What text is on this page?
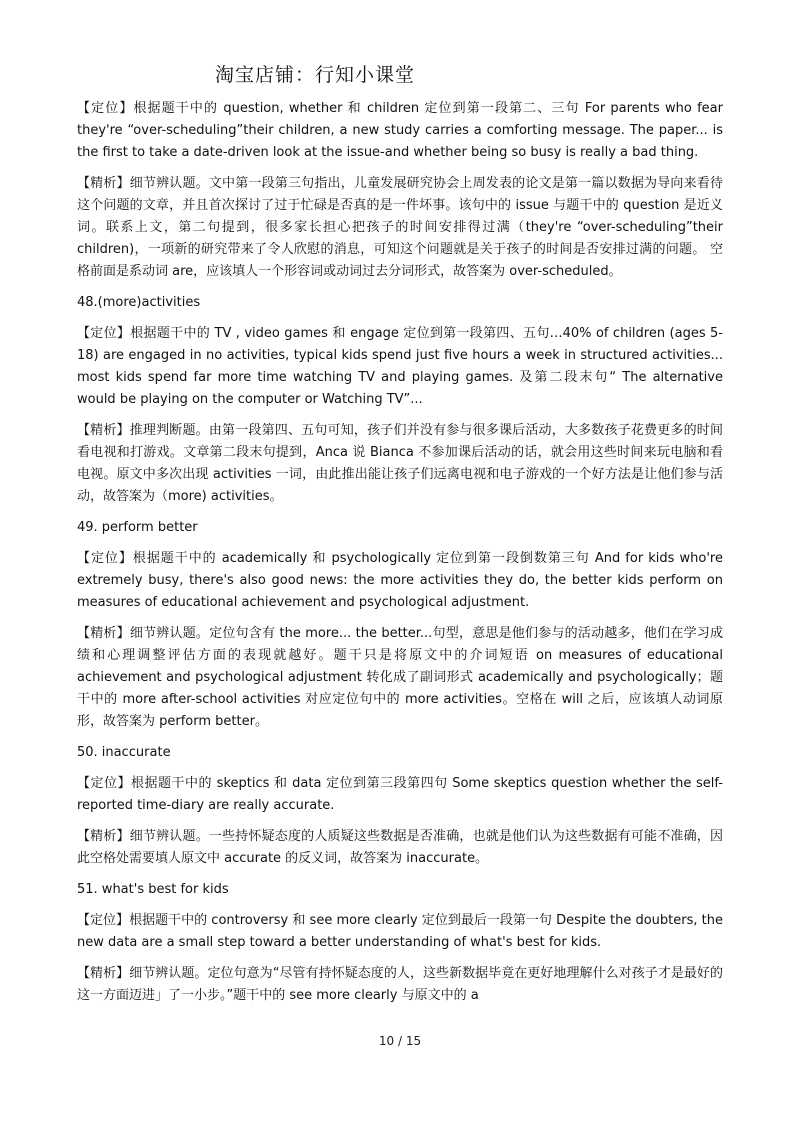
淘宝店铺：行知小课堂

【定位】根据题干中的 question, whether 和 children 定位到第一段第二、三句 For parents who fear they're “over-scheduling”their children, a new study carries a comforting message. The paper... is the first to take a date-driven look at the issue-and whether being so busy is really a bad thing.

【精析】细节辨认题。文中第一段第三句指出，儿童发展研究协会上周发表的论文是第一篇以数据为导向来看待这个问题的文章，并且首次探讨了过于忙碌是否真的是一件坏事。该句中的 issue 与题干中的 question 是近义词。联系上文，第二句提到，很多家长担心把孩子的时间安排得过满（they're “over-scheduling”their children)，一项新的研究带来了令人欣慰的消息，可知这个问题就是关于孩子的时间是否安排过满的问题。 空格前面是系动词 are，应该填人一个形容词或动词过去分词形式，故答案为 over-scheduled。

48.(more)activities

【定位】根据题干中的 TV , video games 和 engage 定位到第一段第四、五句…40% of children (ages 5-18) are engaged in no activities, typical kids spend just five hours a week in structured activities... most kids spend far more time watching TV and playing games. 及第二段末句“ The alternative would be playing on the computer or Watching TV”...

【精析】推理判断题。由第一段第四、五句可知，孩子们并没有参与很多课后活动，大多数孩子花费更多的时间看电视和打游戏。文章第二段末句提到，Anca 说 Bianca 不参加课后活动的话，就会用这些时间来玩电脑和看电视。原文中多次出现 activities 一词，由此推出能让孩子们远离电视和电子游戏的一个好方法是让他们参与活动，故答案为（more) activities。

49. perform better

【定位】根据题干中的 academically 和 psychologically 定位到第一段倒数第三句 And for kids who're extremely busy, there's also good news: the more activities they do, the better kids perform on measures of educational achievement and psychological adjustment.

【精析】细节辨认题。定位句含有 the more... the better...句型，意思是他们参与的活动越多，他们在学习成绩和心理调整评估方面的表现就越好。题干只是将原文中的介词短语 on measures of educational achievement and psychological adjustment 转化成了副词形式 academically and psychologically；题干中的 more after-school activities 对应定位句中的 more activities。空格在 will 之后，应该填人动词原形，故答案为 perform better。

50. inaccurate

【定位】根据题干中的 skeptics 和 data 定位到第三段第四句 Some skeptics question whether the self- reported time-diary are really accurate.

【精析】细节辨认题。一些持怀疑态度的人质疑这些数据是否准确，也就是他们认为这些数据有可能不准确，因此空格处需要填人原文中 accurate 的反义词，故答案为 inaccurate。

51. what's best for kids

【定位】根据题干中的 controversy 和 see more clearly 定位到最后一段第一句 Despite the doubters, the new data are a small step toward a better understanding of what's best for kids.

【精析】细节辨认题。定位句意为“尽管有持怀疑态度的人，这些新数据毕竟在更好地理解什么对孩子才是最好的这一方面迈进」了一小步。”题干中的 see more clearly 与原文中的 a

10 / 15
